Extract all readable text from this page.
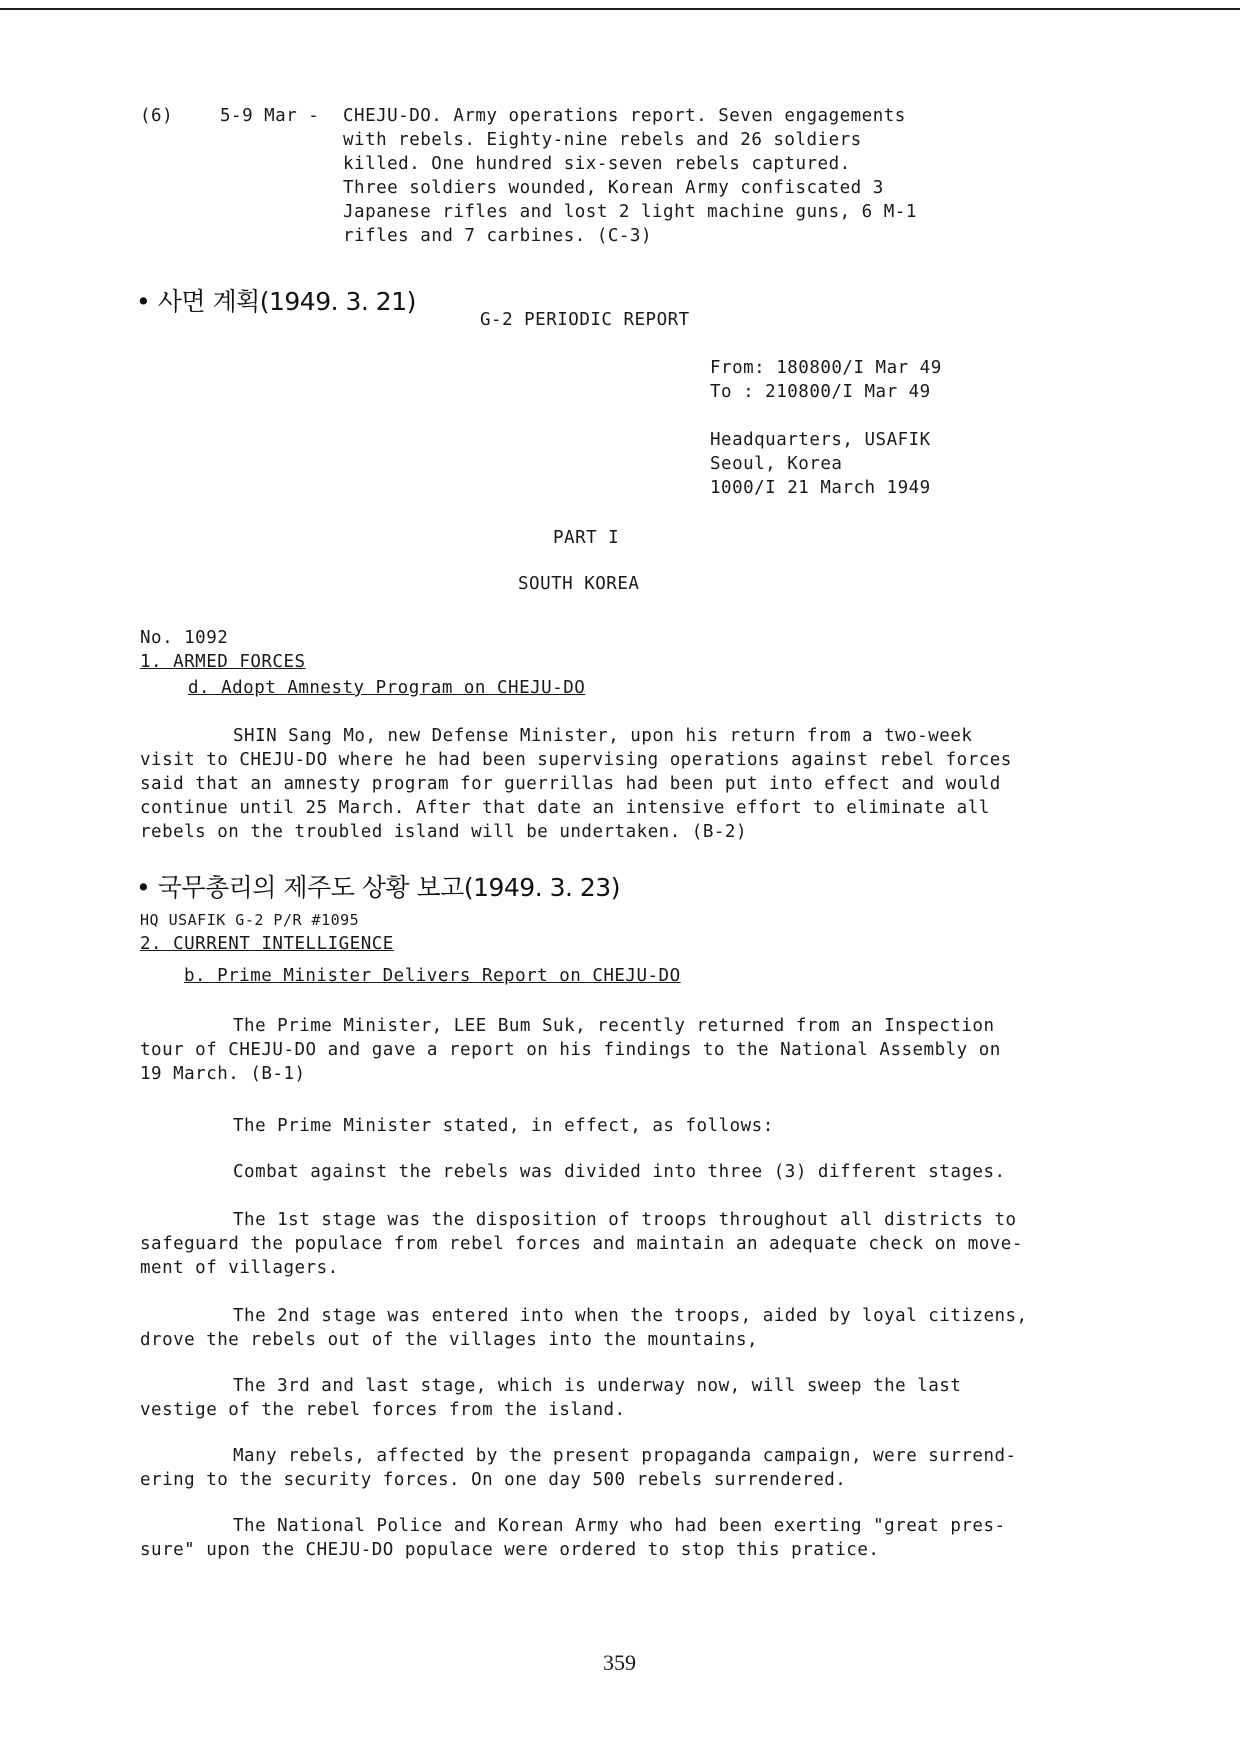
(6)	5-9 Mar - CHEJU-DO. Army operations report. Seven engagements
with rebels. Eighty-nine rebels and 26 soldiers
killed. One hundred six-seven rebels captured.
Three soldiers wounded, Korean Army confiscated 3
Japanese rifles and lost 2 light machine guns, 6 M-1
rifles and 7 carbines. (C-3)
• 사면 계획(1949. 3. 21)
G-2 PERIODIC REPORT
From: 180800/I Mar 49
To : 210800/I Mar 49
Headquarters, USAFIK
Seoul, Korea
1000/I 21 March 1949
PART I
SOUTH KOREA
No. 1092
1. ARMED FORCES
d. Adopt Amnesty Program on CHEJU-DO
SHIN Sang Mo, new Defense Minister, upon his return from a two-week
visit to CHEJU-DO where he had been supervising operations against rebel forces
said that an amnesty program for guerrillas had been put into effect and would
continue until 25 March. After that date an intensive effort to eliminate all
rebels on the troubled island will be undertaken. (B-2)
• 국무총리의 제주도 상황 보고(1949. 3. 23)
HQ USAFIK G-2 P/R #1095
2. CURRENT INTELLIGENCE
b. Prime Minister Delivers Report on CHEJU-DO
The Prime Minister, LEE Bum Suk, recently returned from an Inspection
tour of CHEJU-DO and gave a report on his findings to the National Assembly on
19 March. (B-1)
The Prime Minister stated, in effect, as follows:
Combat against the rebels was divided into three (3) different stages.
The 1st stage was the disposition of troops throughout all districts to
safeguard the populace from rebel forces and maintain an adequate check on move-
ment of villagers.
The 2nd stage was entered into when the troops, aided by loyal citizens,
drove the rebels out of the villages into the mountains,
The 3rd and last stage, which is underway now, will sweep the last
vestige of the rebel forces from the island.
Many rebels, affected by the present propaganda campaign, were surrend-
ering to the security forces. On one day 500 rebels surrendered.
The National Police and Korean Army who had been exerting "great pres-
sure" upon the CHEJU-DO populace were ordered to stop this pratice.
359
